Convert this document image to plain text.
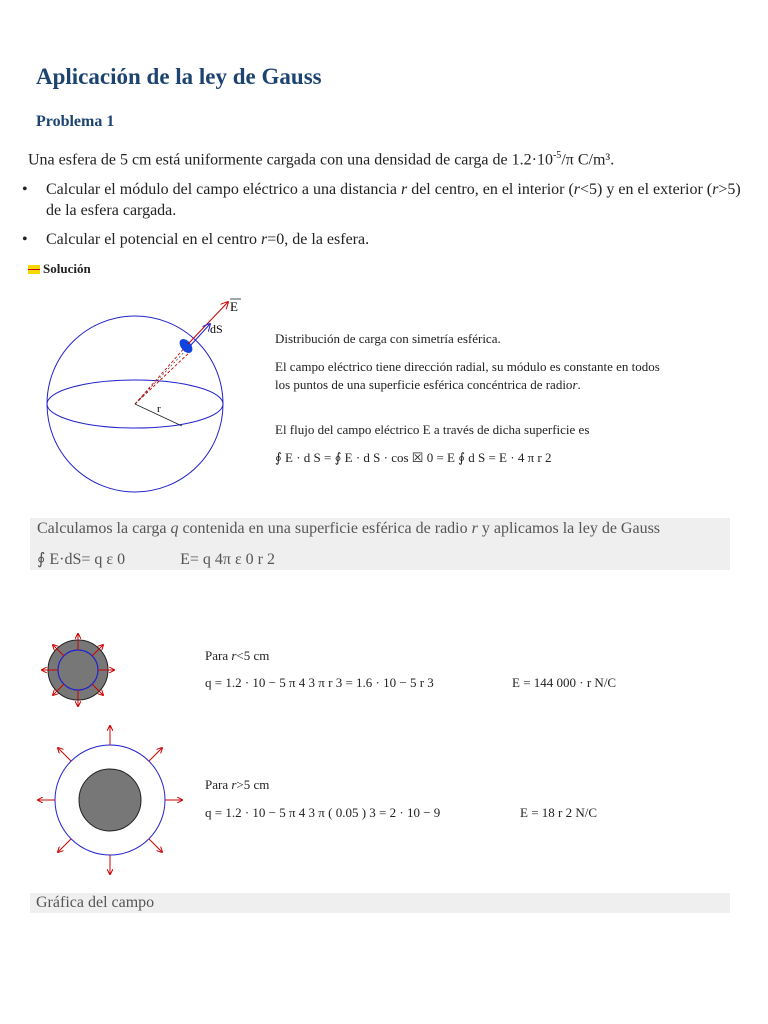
Aplicación de la ley de Gauss
Problema 1
Una esfera de 5 cm está uniformente cargada con una densidad de carga de $1.2\cdot 10^{-5}/\pi$ C/m³.
• Calcular el módulo del campo eléctrico a una distancia r del centro, en el interior (r<5) y en el exterior (r>5) de la esfera cargada.
• Calcular el potencial en el centro r=0, de la esfera.
Solución
r
E
dS
Distribución de carga con simetría esférica.
El campo eléctrico tiene dirección radial, su módulo es constante en todos los puntos de una superficie esférica concéntrica de radior.
El flujo del campo eléctrico E a través de dicha superficie es
∮ E · d S = ∮ E · d S · cos ☒ 0 = E ∮ d S = E · 4 π r 2
Calculamos la carga q contenida en una superficie esférica de radio r y aplicamos la ley de Gauss
∮ E·dS= q ε 0	E= q 4π ε 0 r 2
Para r<5 cm
q = 1.2 · 10 − 5 π 4 3 π r 3 = 1.6 · 10 − 5 r 3	E = 144 000 · r N/C
Para r>5 cm
q = 1.2 · 10 − 5 π 4 3 π ( 0.05 ) 3 = 2 · 10 − 9	E = 18 r 2 N/C
Gráfica del campo
